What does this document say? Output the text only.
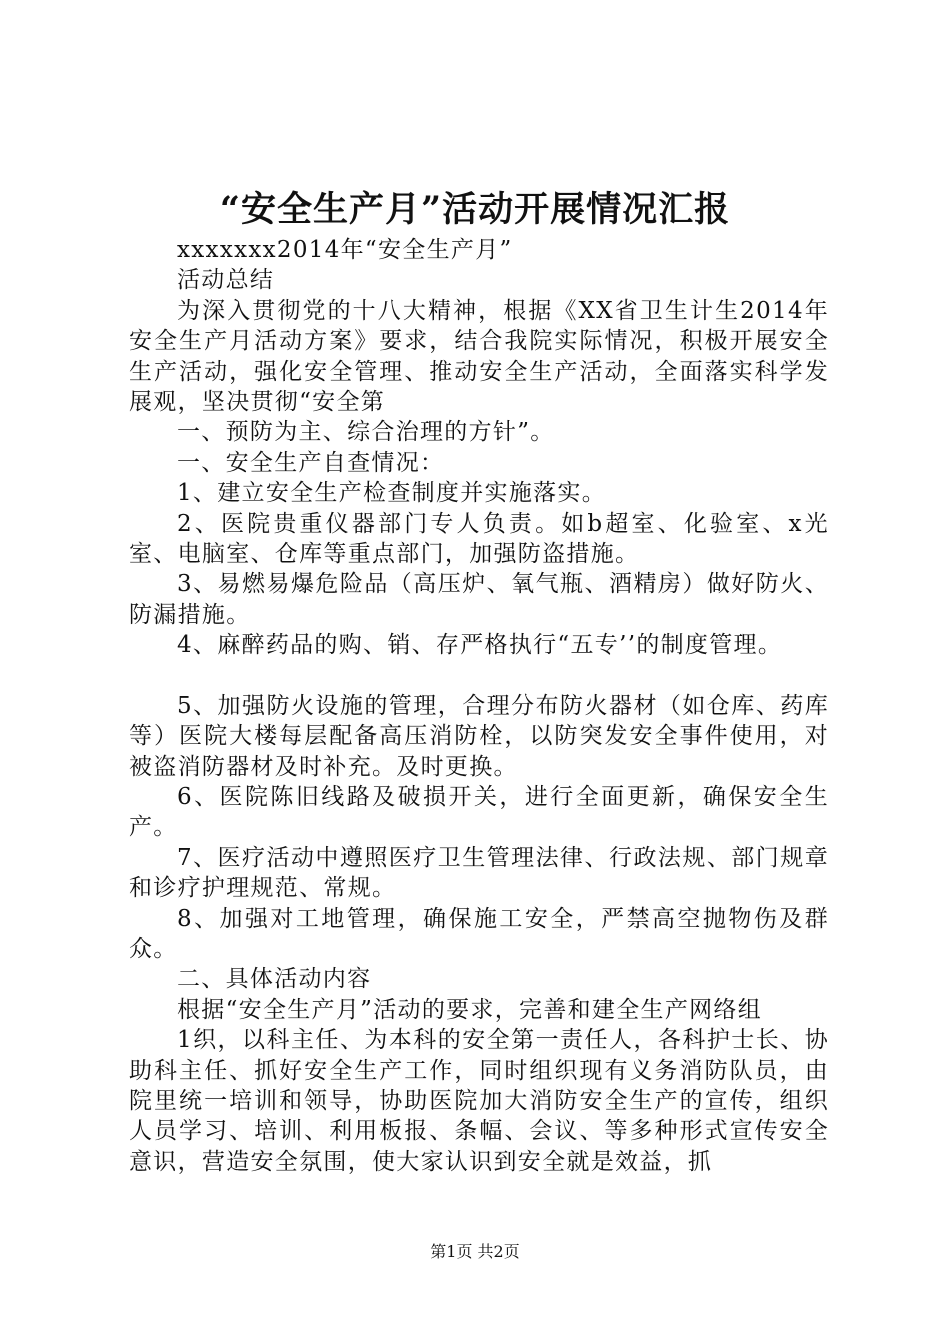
“安全生产月”活动开展情况汇报

xxxxxxx2014年“安全生产月”

活动总结

为深入贯彻党的十八大精神，根据《XX省卫生计生2014年安全生产月活动方案》要求，结合我院实际情况，积极开展安全生产活动，强化安全管理、推动安全生产活动，全面落实科学发展观，坚决贯彻“安全第

一、预防为主、综合治理的方针”。

一、安全生产自查情况：

1、建立安全生产检查制度并实施落实。

2、医院贵重仪器部门专人负责。如b超室、化验室、x光室、电脑室、仓库等重点部门，加强防盗措施。

3、易燃易爆危险品（高压炉、氧气瓶、酒精房）做好防火、防漏措施。

4、麻醉药品的购、销、存严格执行“五专’’的制度管理。

5、加强防火设施的管理，合理分布防火器材（如仓库、药库等）医院大楼每层配备高压消防栓，以防突发安全事件使用，对被盗消防器材及时补充。及时更换。

6、医院陈旧线路及破损开关，进行全面更新，确保安全生产。

7、医疗活动中遵照医疗卫生管理法律、行政法规、部门规章和诊疗护理规范、常规。

8、加强对工地管理，确保施工安全，严禁高空抛物伤及群众。

二、具体活动内容

根据“安全生产月”活动的要求，完善和建全生产网络组

1织，以科主任、为本科的安全第一责任人，各科护士长、协助科主任、抓好安全生产工作，同时组织现有义务消防队员，由院里统一培训和领导，协助医院加大消防安全生产的宣传，组织人员学习、培训、利用板报、条幅、会议、等多种形式宣传安全意识，营造安全氛围，使大家认识到安全就是效益，抓

第1页 共2页
